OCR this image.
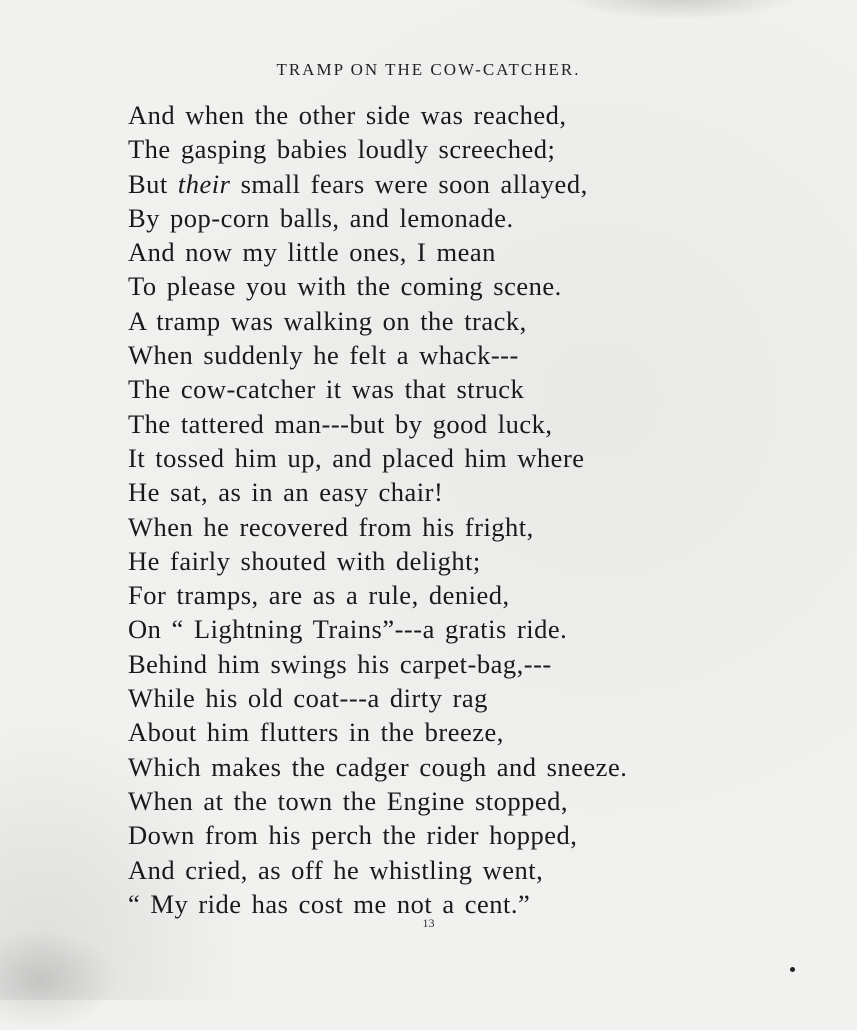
TRAMP ON THE COW-CATCHER.
And when the other side was reached,
The gasping babies loudly screeched;
But their small fears were soon allayed,
By pop-corn balls, and lemonade.
And now my little ones, I mean
To please you with the coming scene.
A tramp was walking on the track,
When suddenly he felt a whack---
The cow-catcher it was that struck
The tattered man---but by good luck,
It tossed him up, and placed him where
He sat, as in an easy chair!
When he recovered from his fright,
He fairly shouted with delight;
For tramps, are as a rule, denied,
On “ Lightning Trains”---a gratis ride.
Behind him swings his carpet-bag,---
While his old coat---a dirty rag
About him flutters in the breeze,
Which makes the cadger cough and sneeze.
When at the town the Engine stopped,
Down from his perch the rider hopped,
And cried, as off he whistling went,
“ My ride has cost me not a cent.”
13
